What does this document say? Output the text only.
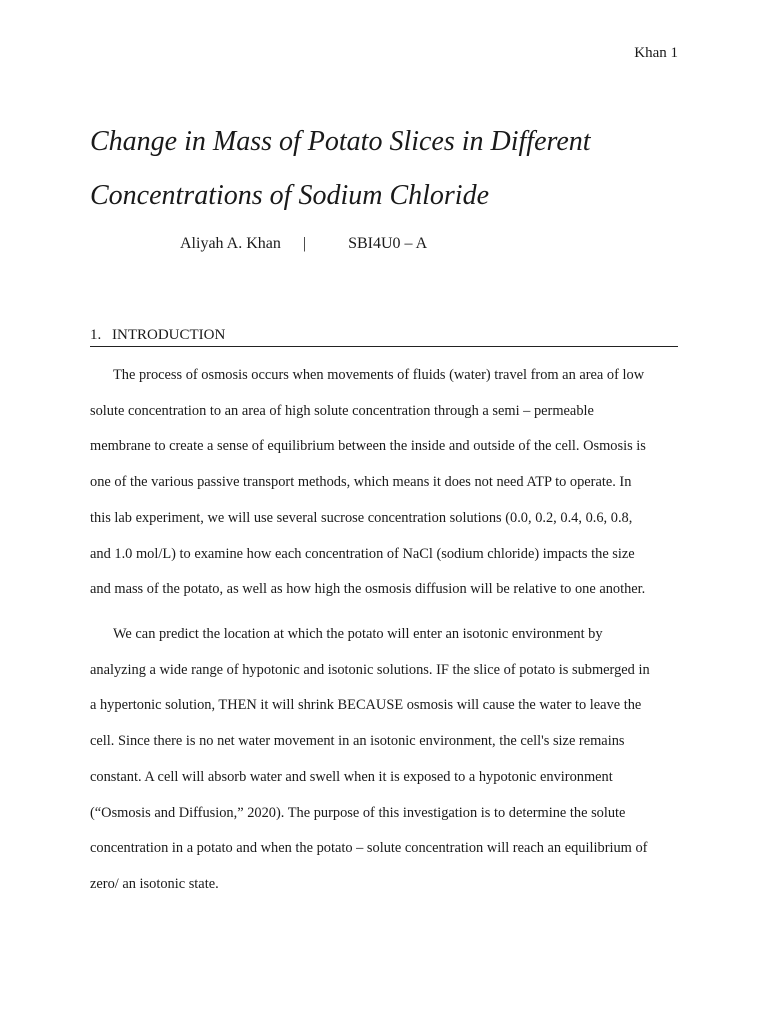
Khan 1
Change in Mass of Potato Slices in Different
Concentrations of Sodium Chloride
Aliyah A. Khan |	SBI4U0 – A
1. INTRODUCTION

The process of osmosis occurs when movements of fluids (water) travel from an area of low
solute concentration to an area of high solute concentration through a semi – permeable
membrane to create a sense of equilibrium between the inside and outside of the cell. Osmosis is
one of the various passive transport methods, which means it does not need ATP to operate. In
this lab experiment, we will use several sucrose concentration solutions (0.0, 0.2, 0.4, 0.6, 0.8,
and 1.0 mol/L) to examine how each concentration of NaCl (sodium chloride) impacts the size
and mass of the potato, as well as how high the osmosis diffusion will be relative to one another.

We can predict the location at which the potato will enter an isotonic environment by
analyzing a wide range of hypotonic and isotonic solutions. IF the slice of potato is submerged in
a hypertonic solution, THEN it will shrink BECAUSE osmosis will cause the water to leave the
cell. Since there is no net water movement in an isotonic environment, the cell's size remains
constant. A cell will absorb water and swell when it is exposed to a hypotonic environment
(“Osmosis and Diffusion,” 2020). The purpose of this investigation is to determine the solute
concentration in a potato and when the potato – solute concentration will reach an equilibrium of
zero/ an isotonic state.
